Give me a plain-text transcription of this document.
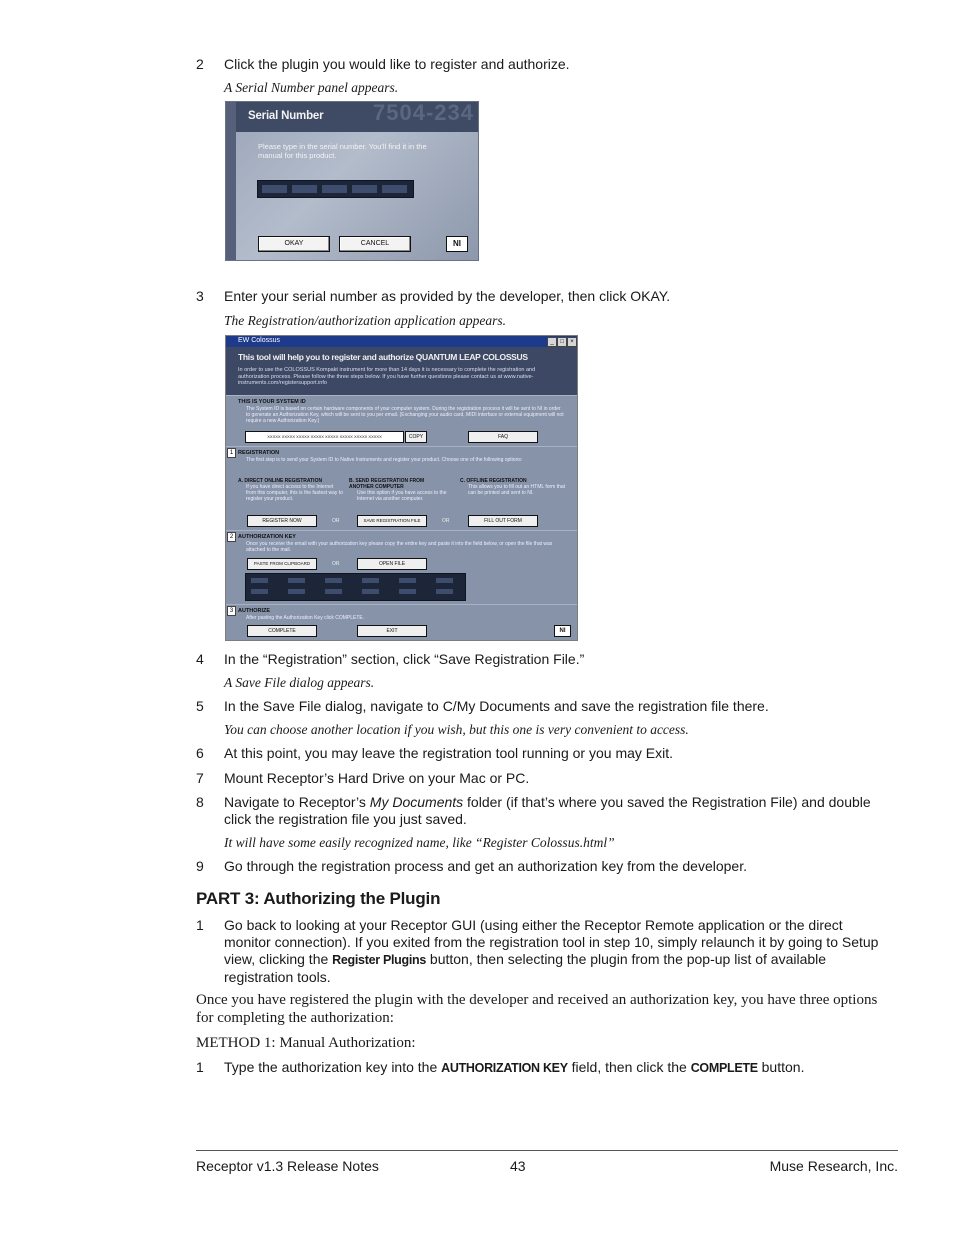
2 Click the plugin you would like to register and authorize.
A Serial Number panel appears.
7504-234
Serial Number
Please type in the serial number. You'll find it in the manual for this product.
OKAY	CANCEL	NI
3 Enter your serial number as provided by the developer, then click OKAY.
The Registration/authorization application appears.
EW Colossus	_	□	×
This tool will help you to register and authorize QUANTUM LEAP COLOSSUS
In order to use the COLOSSUS Kompakt instrument for more than 14 days it is necessary to complete the registration and authorization process. Please follow the three steps below. If you have further questions please contact us at www.native-instruments.com/registersupport.info
THIS IS YOUR SYSTEM ID
The System ID is based on certain hardware components of your computer system. During the registration process it will be sent to NI in order to generate an Authorization Key, which will be sent to you per email. (Exchanging your audio card, MIDI interface or external equipment will not require a new Authorization Key.)
XXXXX XXXXX XXXXX XXXXX XXXXX XXXXX XXXXX XXXXX	COPY	FAQ
1 REGISTRATION
The first step is to send your System ID to Native Instruments and register your product. Choose one of the following options:
A. DIRECT ONLINE REGISTRATION
If you have direct access to the Internet from this computer, this is the fastest way to register your product.
B. SEND REGISTRATION FROM ANOTHER COMPUTER
Use this option if you have access to the Internet via another computer.
C. OFFLINE REGISTRATION
This allows you to fill out an HTML form that can be printed and sent to NI.
REGISTER NOW	OR	SAVE REGISTRATION FILE	OR	FILL OUT FORM
2 AUTHORIZATION KEY
Once you receive the email with your authorization key please copy the entire key and paste it into the field below, or open the file that was attached to the mail.
PASTE FROM CLIPBOARD	OR	OPEN FILE
3 AUTHORIZE
After pasting the Authorization Key click COMPLETE.
COMPLETE	EXIT	NI
4 In the “Registration” section, click “Save Registration File.”
A Save File dialog appears.
5 In the Save File dialog, navigate to C/My Documents and save the registration file there.
You can choose another location if you wish, but this one is very convenient to access.
6 At this point, you may leave the registration tool running or you may Exit.
7 Mount Receptor’s Hard Drive on your Mac or PC.
8 Navigate to Receptor’s My Documents folder (if that’s where you saved the Registration File) and double click the registration file you just saved.
It will have some easily recognized name, like “Register Colossus.html”
9 Go through the registration process and get an authorization key from the developer.
PART 3: Authorizing the Plugin
1 Go back to looking at your Receptor GUI (using either the Receptor Remote application or the direct monitor connection). If you exited from the registration tool in step 10, simply relaunch it by going to Setup view, clicking the Register Plugins button, then selecting the plugin from the pop-up list of available registration tools.
Once you have registered the plugin with the developer and received an authorization key, you have three options for completing the authorization:
METHOD 1: Manual Authorization:
1 Type the authorization key into the AUTHORIZATION KEY field, then click the COMPLETE button.
Receptor v1.3 Release Notes	43	Muse Research, Inc.
